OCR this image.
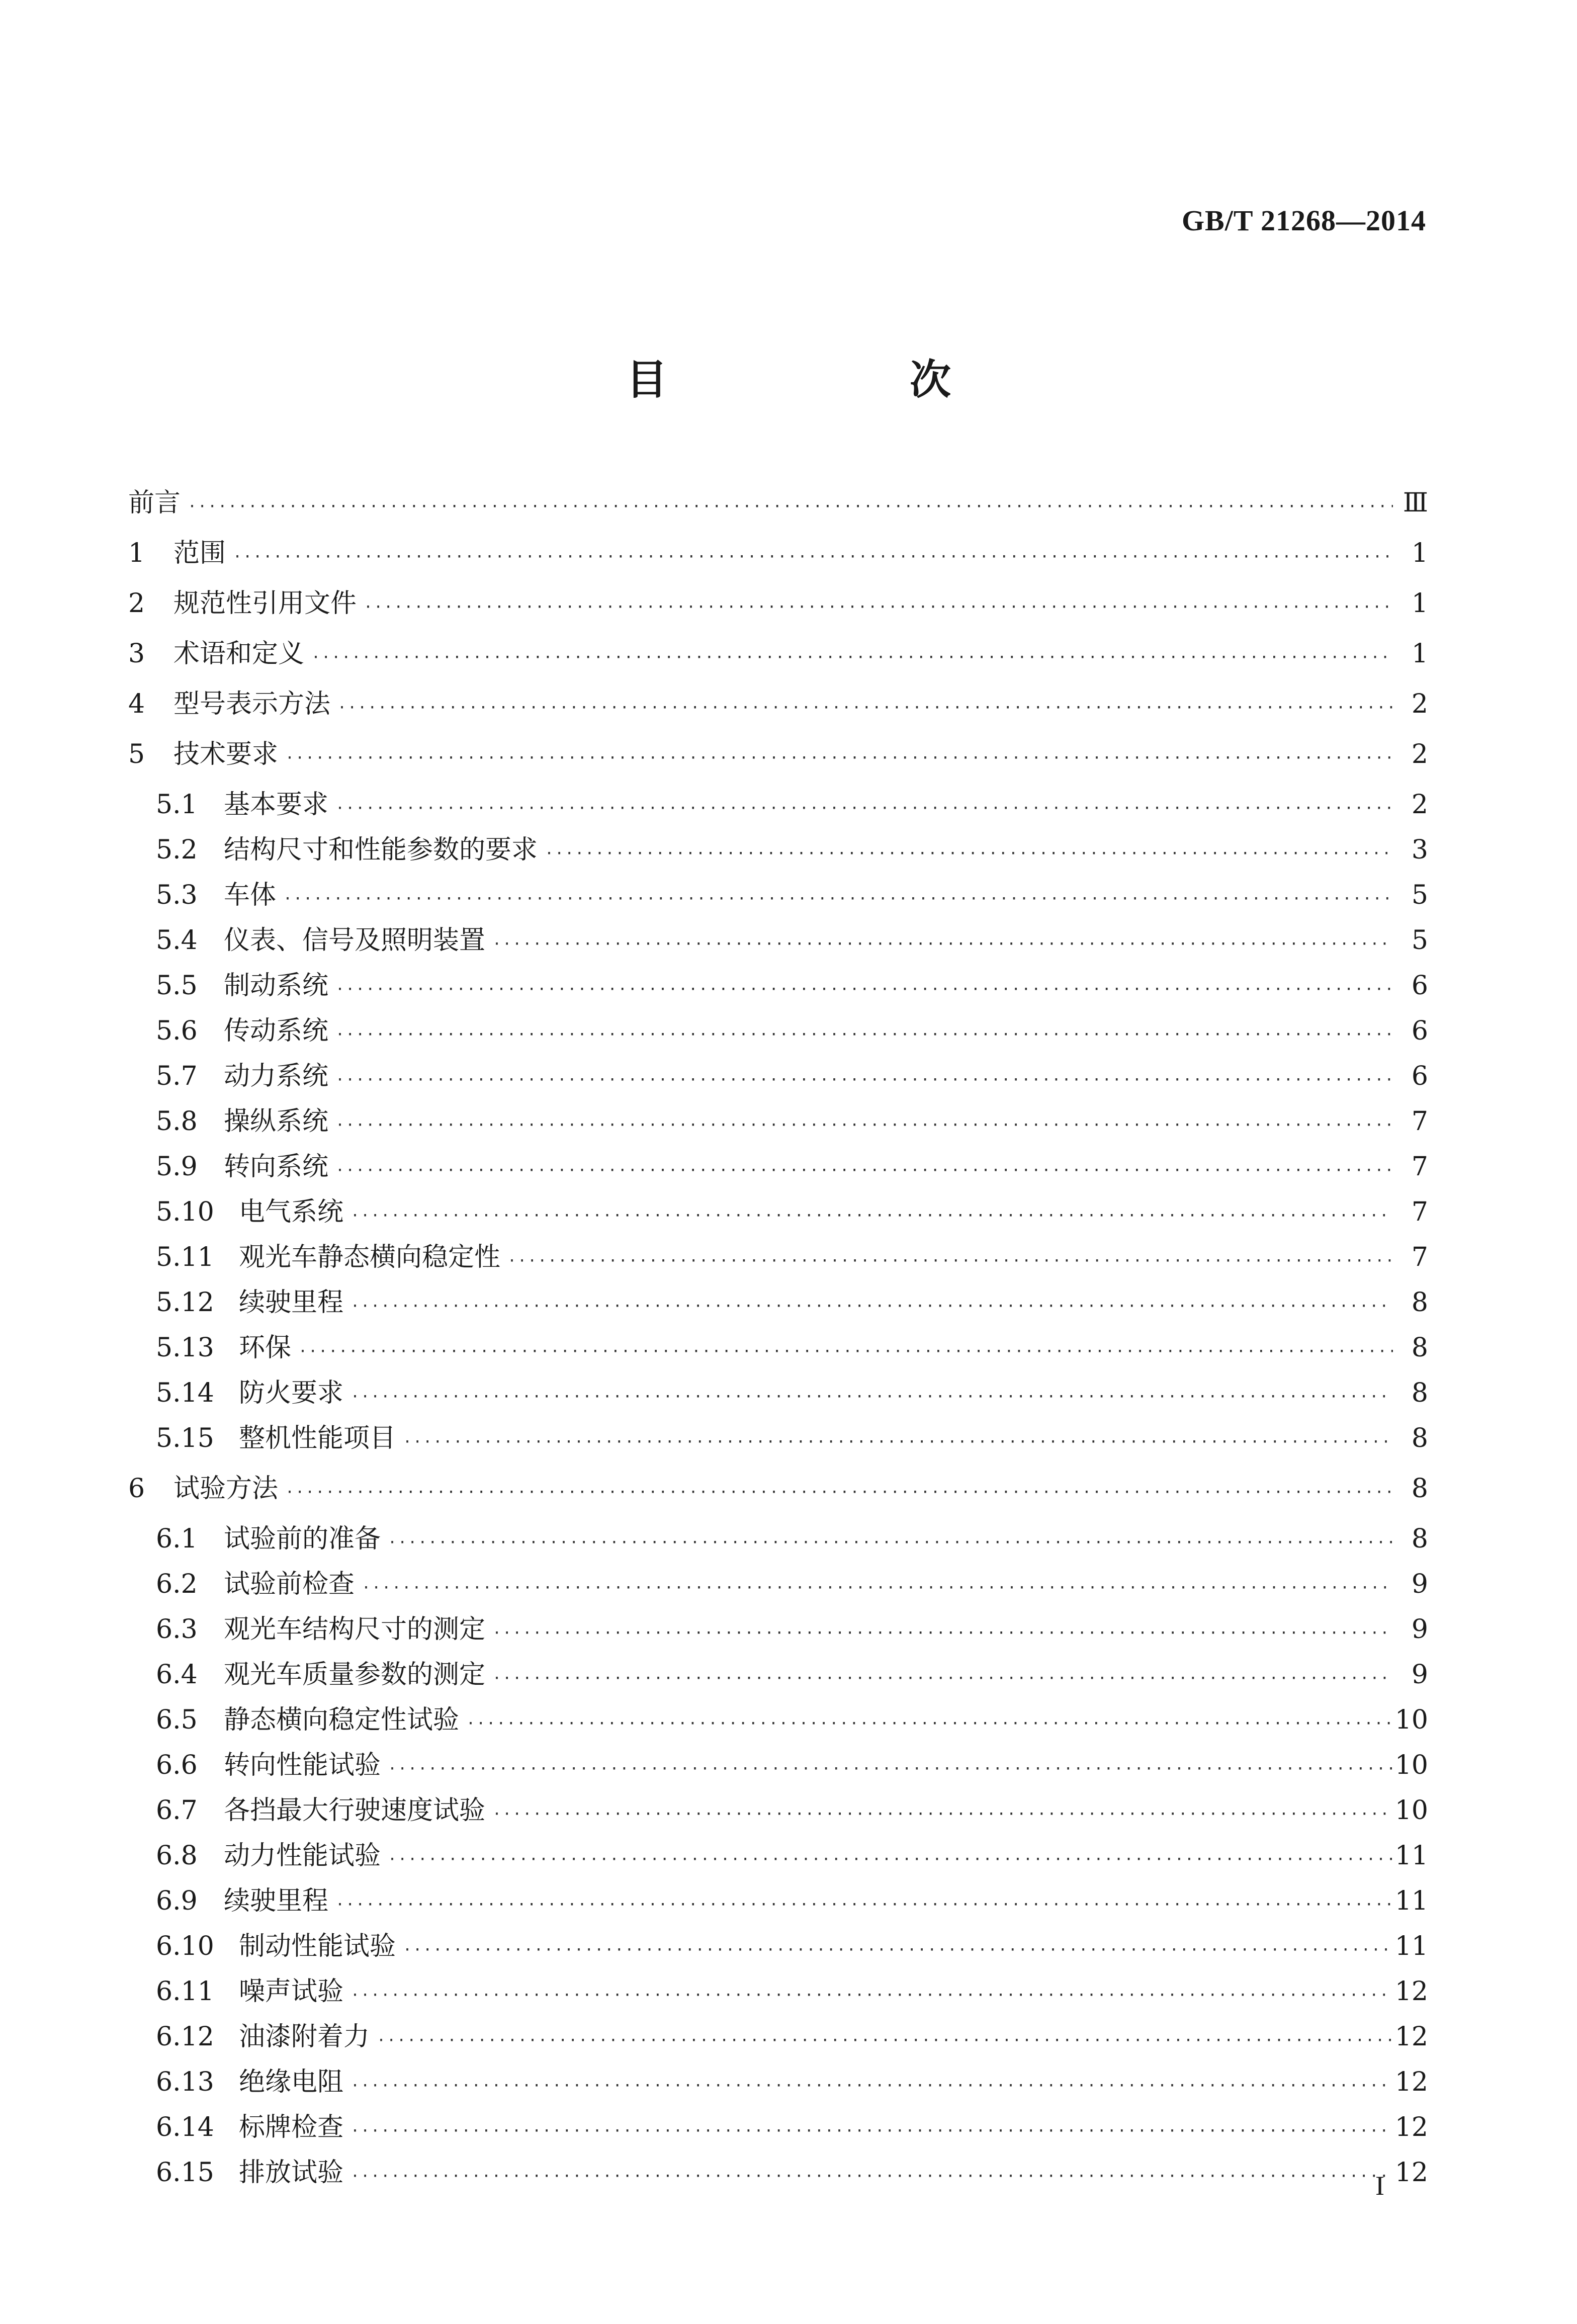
GB/T 21268—2014
目　次
前言 ·····	Ⅲ
1	范围 ·····	1
2	规范性引用文件 ·····	1
3	术语和定义 ·····	1
4	型号表示方法 ·····	2
5	技术要求 ·····	2
5.1	基本要求 ·····	2
5.2	结构尺寸和性能参数的要求 ·····	3
5.3	车体 ·····	5
5.4	仪表、信号及照明装置 ·····	5
5.5	制动系统 ·····	6
5.6	传动系统 ·····	6
5.7	动力系统 ·····	6
5.8	操纵系统 ·····	7
5.9	转向系统 ·····	7
5.10 电气系统 ·····	7
5.11 观光车静态横向稳定性 ·····	7
5.12 续驶里程 ·····	8
5.13 环保 ·····	8
5.14 防火要求 ·····	8
5.15 整机性能项目 ·····	8
6	试验方法 ·····	8
6.1	试验前的准备 ·····	8
6.2	试验前检查 ·····	9
6.3	观光车结构尺寸的测定 ·····	9
6.4	观光车质量参数的测定 ·····	9
6.5	静态横向稳定性试验 ·····	10
6.6	转向性能试验 ·····	10
6.7	各挡最大行驶速度试验 ·····	10
6.8	动力性能试验 ·····	11
6.9	续驶里程 ·····	11
6.10 制动性能试验 ·····	11
6.11 噪声试验 ·····	12
6.12 油漆附着力 ·····	12
6.13 绝缘电阻 ·····	12
6.14 标牌检查 ·····	12
6.15 排放试验 ·····	12
I
